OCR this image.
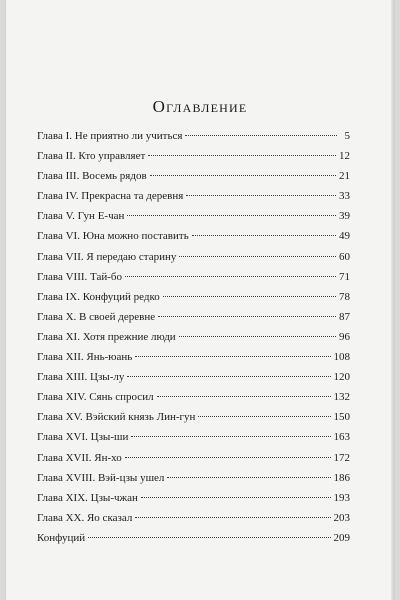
Оглавление
Глава I. Не приятно ли учиться	5
Глава II. Кто управляет	12
Глава III. Восемь рядов	21
Глава IV. Прекрасна та деревня	33
Глава V. Гун Е-чан	39
Глава VI. Юна можно поставить	49
Глава VII. Я передаю старину	60
Глава VIII. Тай-бо	71
Глава IX. Конфуций редко	78
Глава X. В своей деревне	87
Глава XI. Хотя прежние люди	96
Глава XII. Янь-юань	108
Глава XIII. Цзы-лу	120
Глава XIV. Сянь спросил	132
Глава XV. Вэйский князь Лин-гун	150
Глава XVI. Цзы-ши	163
Глава XVII. Ян-хо	172
Глава XVIII. Вэй-цзы ушел	186
Глава XIX. Цзы-чжан	193
Глава XX. Яо сказал	203
Конфуций	209
